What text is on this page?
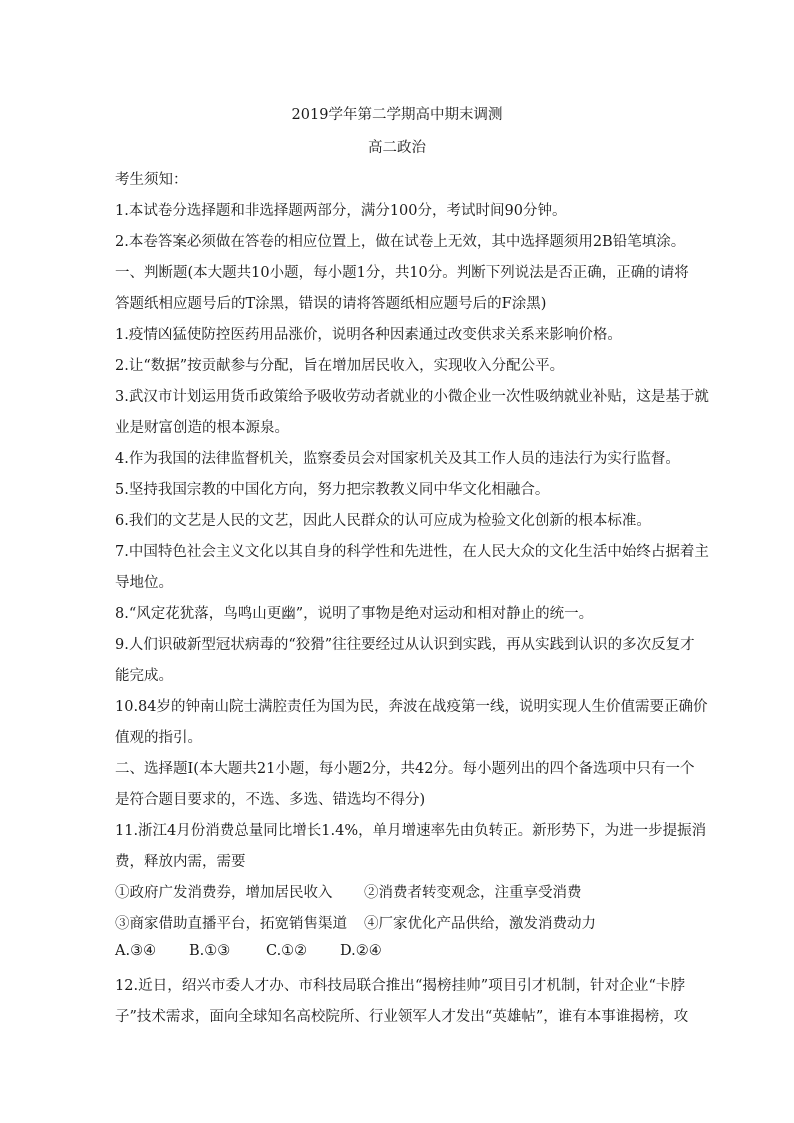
2019学年第二学期高中期末调测
高二政治
考生须知：
1.本试卷分选择题和非选择题两部分，满分100分，考试时间90分钟。
2.本卷答案必须做在答卷的相应位置上，做在试卷上无效，其中选择题须用2B铅笔填涂。
一、判断题(本大题共10小题，每小题1分，共10分。判断下列说法是否正确，正确的请将
答题纸相应题号后的T涂黑，错误的请将答题纸相应题号后的F涂黑)
1.疫情凶猛使防控医药用品涨价，说明各种因素通过改变供求关系来影响价格。
2.让“数据”按贡献参与分配，旨在增加居民收入，实现收入分配公平。
3.武汉市计划运用货币政策给予吸收劳动者就业的小微企业一次性吸纳就业补贴，这是基于就
业是财富创造的根本源泉。
4.作为我国的法律监督机关，监察委员会对国家机关及其工作人员的违法行为实行监督。
5.坚持我国宗教的中国化方向，努力把宗教教义同中华文化相融合。
6.我们的文艺是人民的文艺，因此人民群众的认可应成为检验文化创新的根本标准。
7.中国特色社会主义文化以其自身的科学性和先进性，在人民大众的文化生活中始终占据着主
导地位。
8.“风定花犹落，鸟鸣山更幽”，说明了事物是绝对运动和相对静止的统一。
9.人们识破新型冠状病毒的“狡猾”往往要经过从认识到实践，再从实践到认识的多次反复才
能完成。
10.84岁的钟南山院士满腔责任为国为民，奔波在战疫第一线，说明实现人生价值需要正确价
值观的指引。
二、选择题I(本大题共21小题，每小题2分，共42分。每小题列出的四个备选项中只有一个
是符合题目要求的，不选、多选、错选均不得分)
11.浙江4月份消费总量同比增长1.4%，单月增速率先由负转正。新形势下，为进一步提振消
费，释放内需，需要
①政府广发消费券，增加居民收入 ②消费者转变观念，注重享受消费
③商家借助直播平台，拓宽销售渠道 ④厂家优化产品供给，激发消费动力
A.③④ B.①③ C.①② D.②④
12.近日，绍兴市委人才办、市科技局联合推出“揭榜挂帅”项目引才机制，针对企业“卡脖
子”技术需求，面向全球知名高校院所、行业领军人才发出“英雄帖”，谁有本事谁揭榜，攻
